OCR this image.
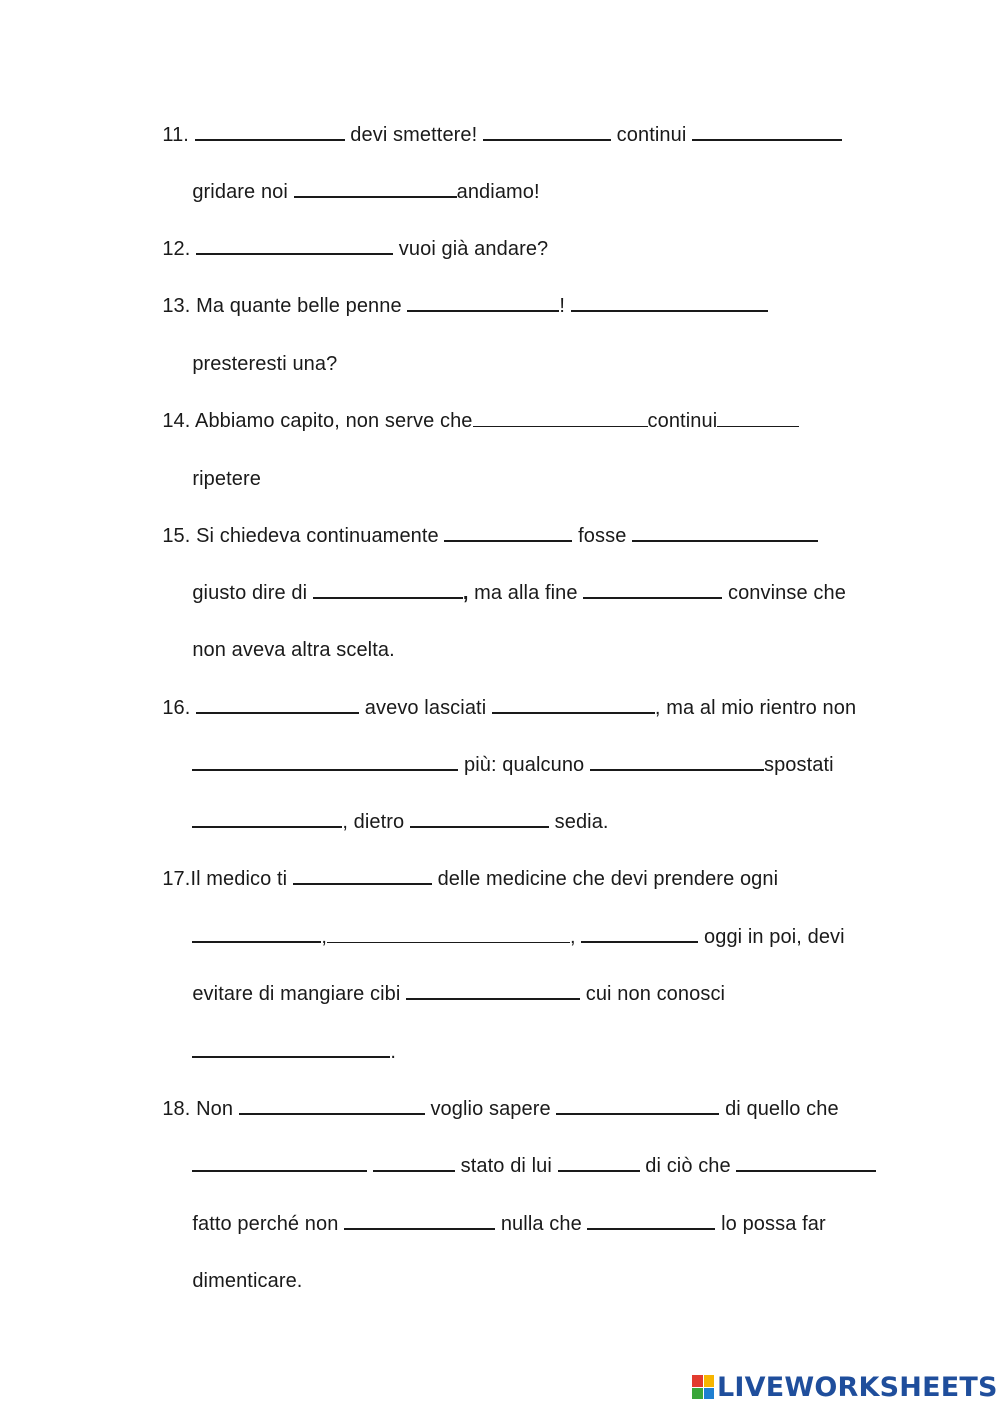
11.	devi smettere!	continui

gridare noi	andiamo!

12.	vuoi già andare?

13. Ma quante belle penne	!

presteresti una?

14. Abbiamo capito, non serve che	continui

ripetere

15. Si chiedeva continuamente	fosse

giusto dire di	, ma alla fine	convinse che

non aveva altra scelta.

16.	avevo lasciati	, ma al mio rientro non

più: qualcuno	spostati

, dietro	sedia.

17.Il medico ti	delle medicine che devi prendere ogni

,	,	oggi in poi, devi

evitare di mangiare cibi	cui non conosci

.

18. Non	voglio sapere	di quello che

stato di lui	di ciò che

fatto perché non	nulla che	lo possa far

dimenticare.

LIVEWORKSHEETS
